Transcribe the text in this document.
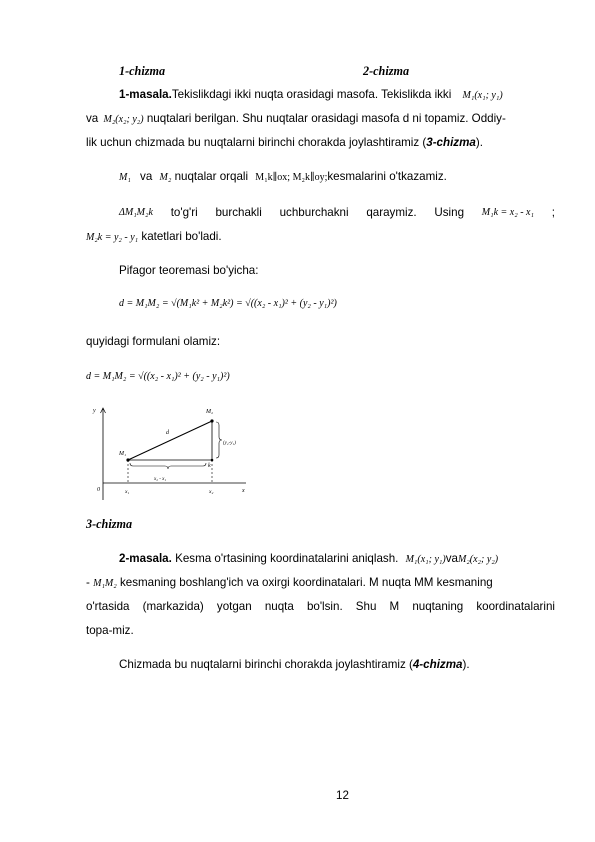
1-chizma	2-chizma
1-masala.Tekislikdagi ikki nuqta orasidagi masofa. Tekislikda ikki M₁(x₁; y₁)
va M₂(x₂; y₂) nuqtalari berilgan. Shu nuqtalar orasidagi masofa d ni topamiz. Oddiy-
lik uchun chizmada bu nuqtalarni birinchi chorakda joylashtiramiz (3-chizma).
M₁ va M₂ nuqtalar orqali M₁k∥ox; M₂k∥oy;kesmalarini o'tkazamiz.
ΔM₁M₂k to'g'ri burchakli uchburchakni qaraymiz. Using M₁k = x₂ - x₁ ;
M₂k = y₂ - y₁ katetlari bo'ladi.
Pifagor teoremasi bo'yicha:
d = M₁M₂ = √(M₁k² + M₂k²) = √((x₂ - x₁)² + (y₂ - y₁)²)
quyidagi formulani olamiz:
d = M₁M₂ = √((x₂ - x₁)² + (y₂ - y₁)²)
y
x
0
M₁
M₂
k
d
(y₂-y₁)
x₂ - x₁
x₁	x₂
3-chizma
2-masala. Kesma o'rtasining koordinatalarini aniqlash. M₁(x₁; y₁)vaM₂(x₂; y₂)
- M₁M₂ kesmaning boshlang'ich va oxirgi koordinatalari. M nuqta MM kesmaning
o'rtasida (markazida) yotgan nuqta bo'lsin. Shu M nuqtaning koordinatalarini
topa-miz.
Chizmada bu nuqtalarni birinchi chorakda joylashtiramiz (4-chizma).
12
